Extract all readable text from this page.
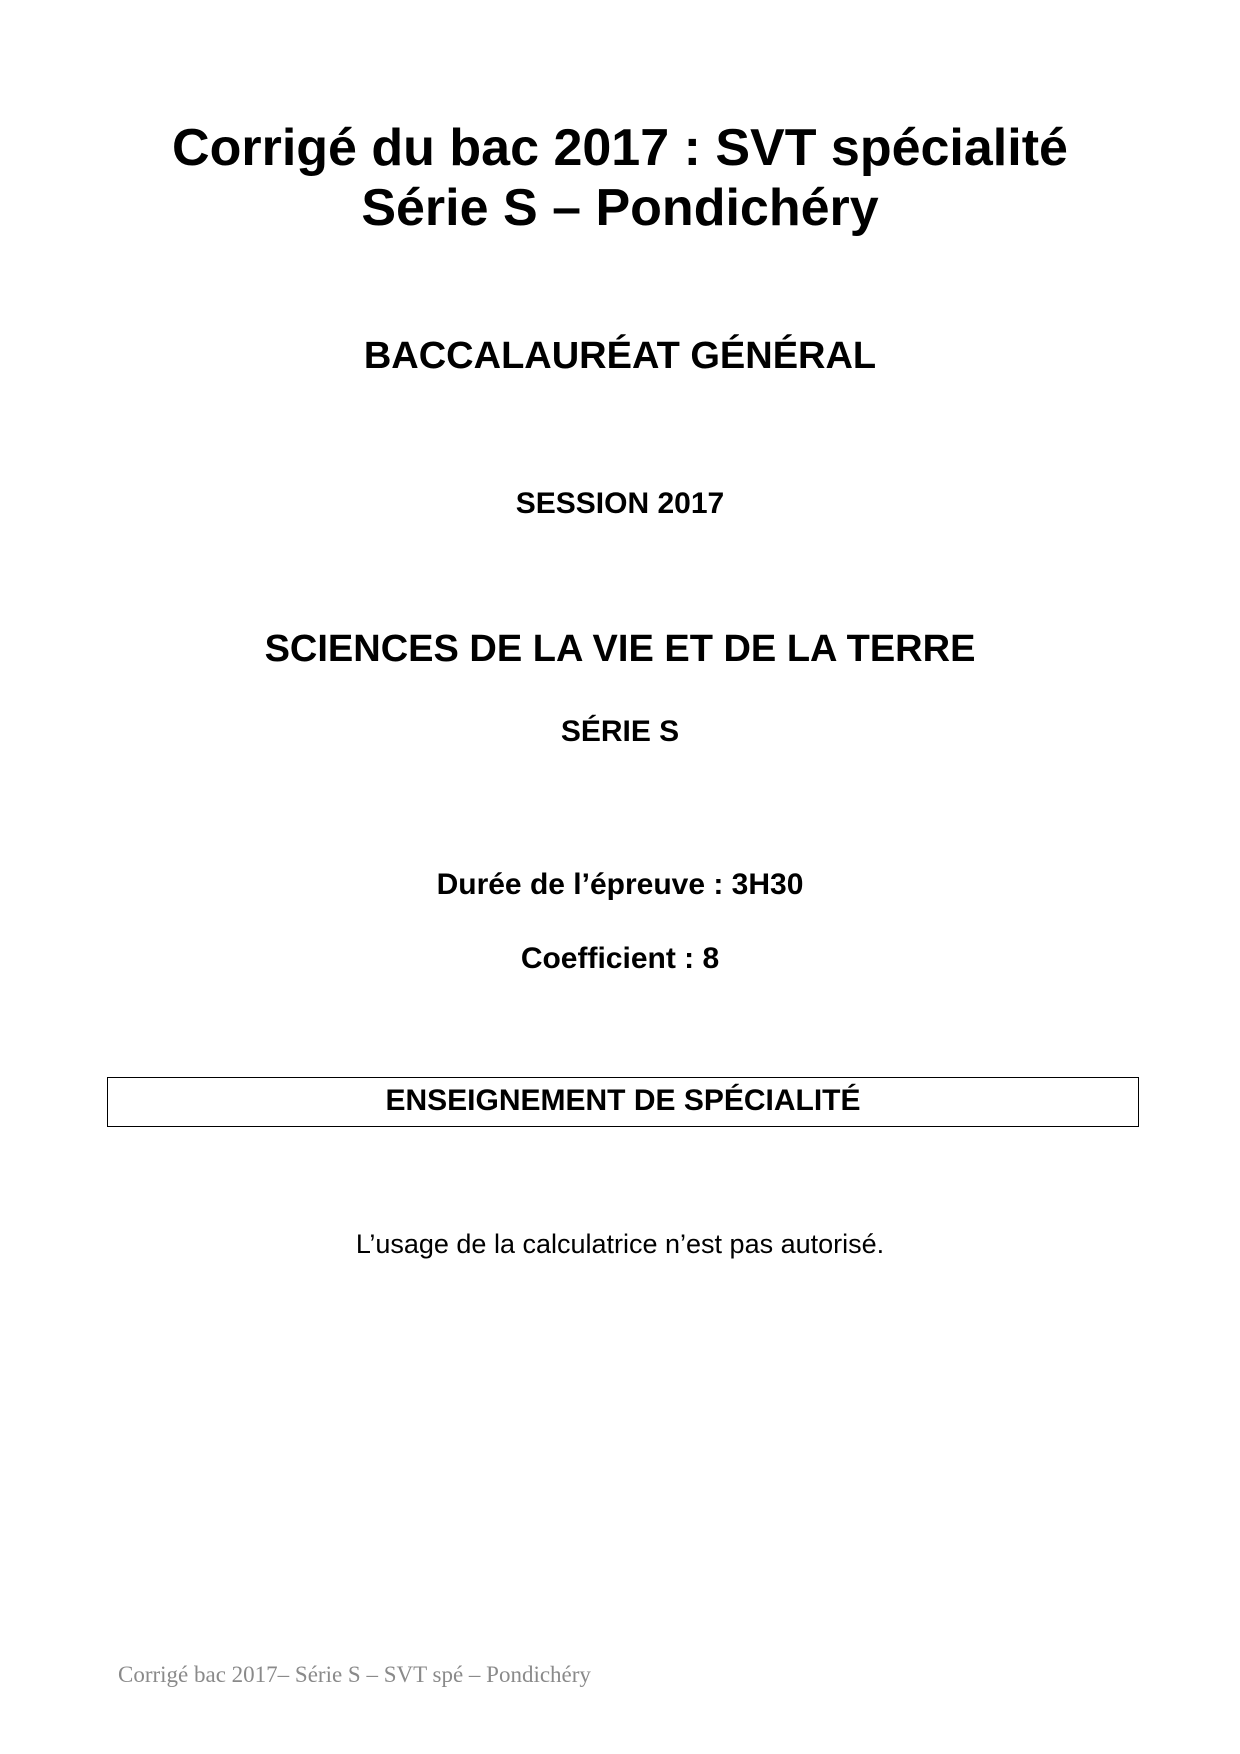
Corrigé du bac 2017 : SVT spécialité
Série S – Pondichéry
BACCALAURÉAT GÉNÉRAL
SESSION 2017
SCIENCES DE LA VIE ET DE LA TERRE
SÉRIE S
Durée de l’épreuve : 3H30
Coefficient : 8
ENSEIGNEMENT DE SPÉCIALITÉ
L’usage de la calculatrice n’est pas autorisé.
Corrigé bac 2017– Série S – SVT spé – Pondichéry
